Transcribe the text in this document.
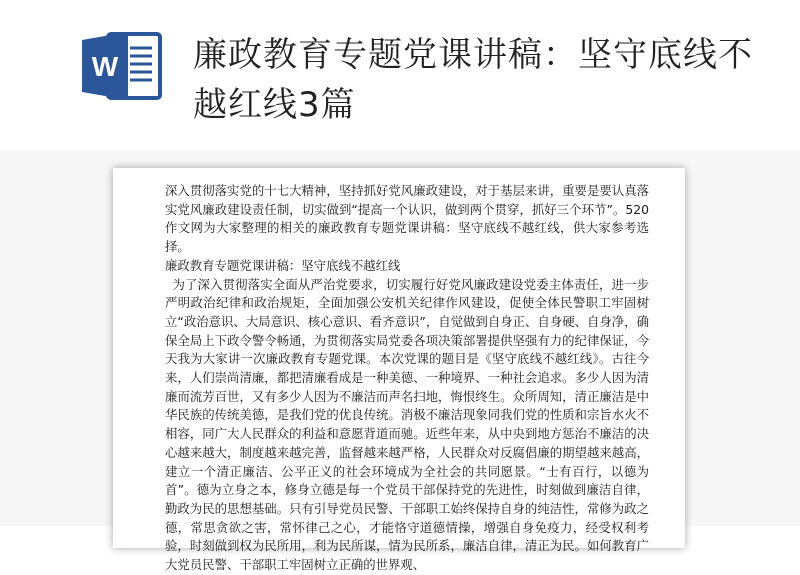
W 廉政教育专题党课讲稿：坚守底线不越红线3篇

深入贯彻落实党的十七大精神，坚持抓好党风廉政建设，对于基层来讲，重要是要认真落实党风廉政建设责任制，切实做到“提高一个认识，做到两个贯穿，抓好三个环节”。520 作文网为大家整理的相关的廉政教育专题党课讲稿：坚守底线不越红线，供大家参考选择。

廉政教育专题党课讲稿：坚守底线不越红线

为了深入贯彻落实全面从严治党要求，切实履行好党风廉政建设党委主体责任，进一步严明政治纪律和政治规矩，全面加强公安机关纪律作风建设，促使全体民警职工牢固树立“政治意识、大局意识、核心意识、看齐意识”，自觉做到自身正、自身硬、自身净，确保全局上下政令警令畅通，为贯彻落实局党委各项决策部署提供坚强有力的纪律保证，今天我为大家讲一次廉政教育专题党课。本次党课的题目是《坚守底线不越红线》。古往今来，人们崇尚清廉，都把清廉看成是一种美德、一种境界、一种社会追求。多少人因为清廉而流芳百世，又有多少人因为不廉洁而声名扫地，悔恨终生。众所周知，清正廉洁是中华民族的传统美德，是我们党的优良传统。消极不廉洁现象同我们党的性质和宗旨水火不相容，同广大人民群众的利益和意愿背道而驰。近些年来，从中央到地方惩治不廉洁的决心越来越大，制度越来越完善，监督越来越严格，人民群众对反腐倡廉的期望越来越高，建立一个清正廉洁、公平正义的社会环境成为全社会的共同愿景。“士有百行，以德为首”。德为立身之本，修身立德是每一个党员干部保持党的先进性，时刻做到廉洁自律，勤政为民的思想基础。只有引导党员民警、干部职工始终保持自身的纯洁性，常修为政之德，常思贪欲之害，常怀律己之心，才能恪守道德情操，增强自身免疫力，经受权利考验，时刻做到权为民所用，利为民所谋，情为民所系，廉洁自律，清正为民。如何教育广大党员民警、干部职工牢固树立正确的世界观、
